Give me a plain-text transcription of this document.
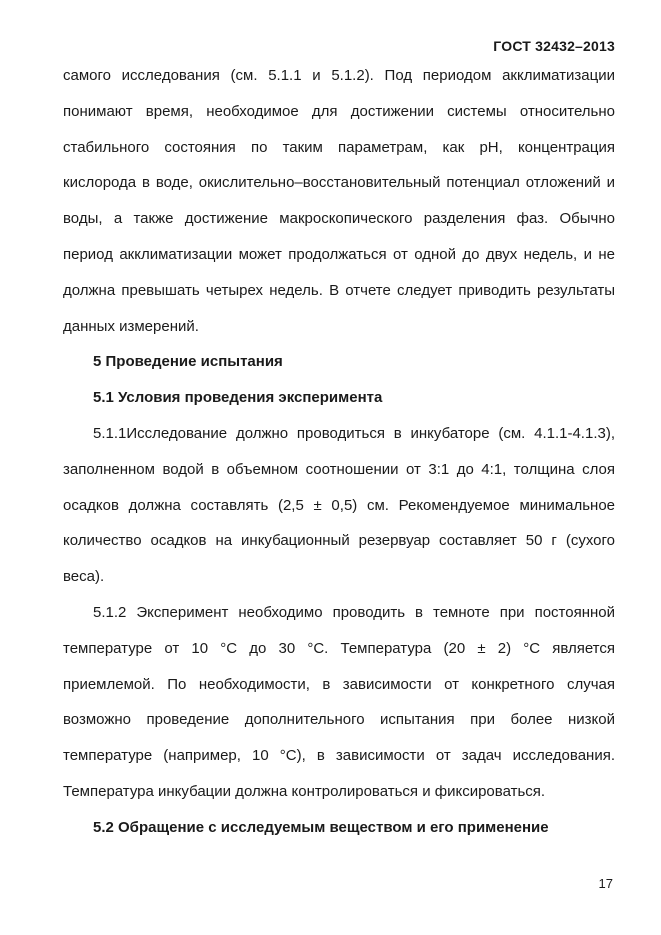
ГОСТ 32432–2013

самого исследования (см. 5.1.1 и 5.1.2). Под периодом акклиматизации понимают время, необходимое для достижении системы относительно стабильного состояния по таким параметрам, как pH, концентрация кислорода в воде, окислительно–восстановительный потенциал отложений и воды, а также достижение макроскопического разделения фаз. Обычно период акклиматизации может продолжаться от одной до двух недель, и не должна превышать четырех недель. В отчете следует приводить результаты данных измерений.

5 Проведение испытания

5.1 Условия проведения эксперимента

5.1.1Исследование должно проводиться в инкубаторе (см. 4.1.1-4.1.3), заполненном водой в объемном соотношении от 3:1 до 4:1, толщина слоя осадков должна составлять (2,5 ± 0,5) см. Рекомендуемое минимальное количество осадков на инкубационный резервуар составляет 50 г (сухого веса).

5.1.2 Эксперимент необходимо проводить в темноте при постоянной температуре от 10 °С до 30 °С. Температура (20 ± 2) °С является приемлемой. По необходимости, в зависимости от конкретного случая возможно проведение дополнительного испытания при более низкой температуре (например, 10 °С), в зависимости от задач исследования. Температура инкубации должна контролироваться и фиксироваться.

5.2 Обращение с исследуемым веществом и его применение

17
